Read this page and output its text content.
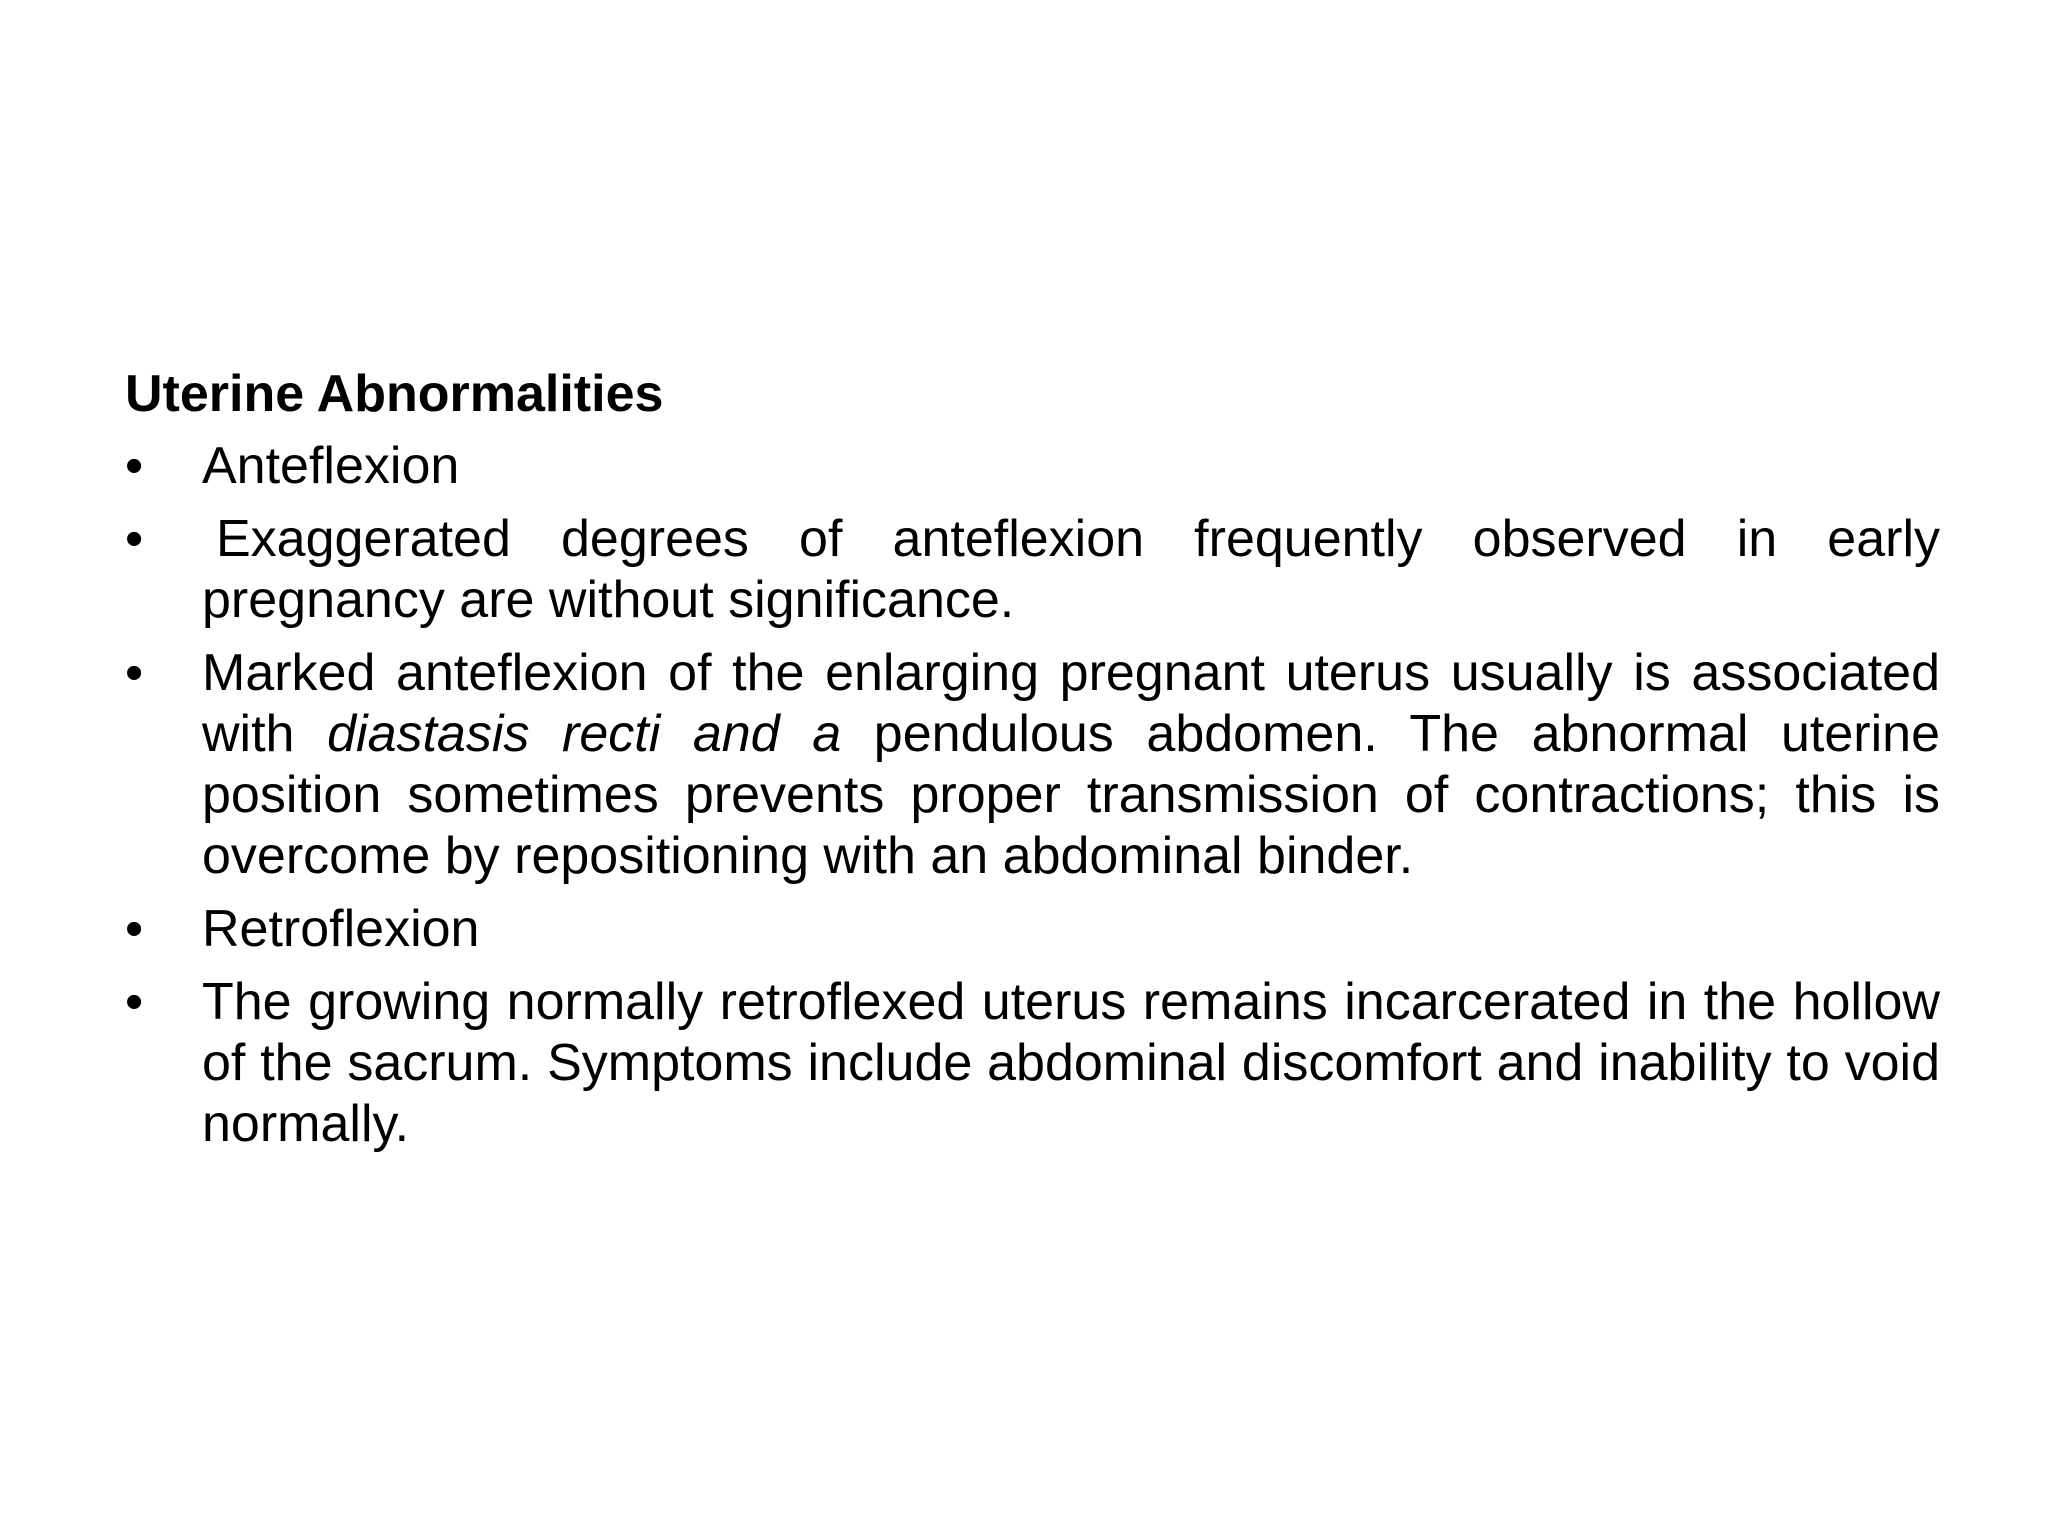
Uterine Abnormalities
•	Anteflexion
•	Exaggerated degrees of anteflexion frequently observed in early pregnancy are without significance.
•	Marked anteflexion of the enlarging pregnant uterus usually is associated with diastasis recti and a pendulous abdomen. The abnormal uterine position sometimes prevents proper transmission of contractions; this is overcome by repositioning with an abdominal binder.
•	Retroflexion
•	The growing normally retroflexed uterus remains incarcerated in the hollow of the sacrum. Symptoms include abdominal discomfort and inability to void normally.
